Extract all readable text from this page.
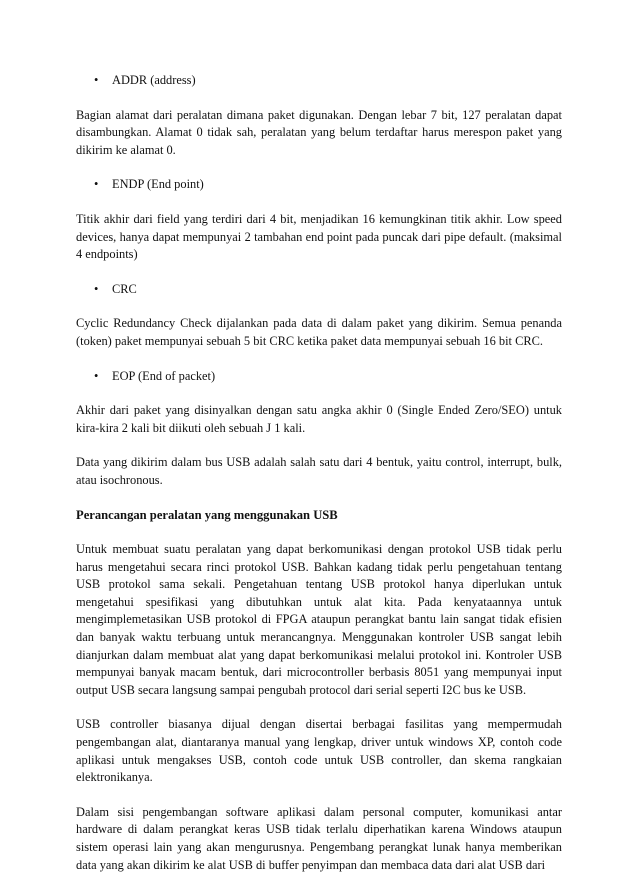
• ADDR (address)

Bagian alamat dari peralatan dimana paket digunakan. Dengan lebar 7 bit, 127 peralatan dapat disambungkan. Alamat 0 tidak sah, peralatan yang belum terdaftar harus merespon paket yang dikirim ke alamat 0.

• ENDP (End point)

Titik akhir dari field yang terdiri dari 4 bit, menjadikan 16 kemungkinan titik akhir. Low speed devices, hanya dapat mempunyai 2 tambahan end point pada puncak dari pipe default. (maksimal 4 endpoints)

• CRC

Cyclic Redundancy Check dijalankan pada data di dalam paket yang dikirim. Semua penanda (token) paket mempunyai sebuah 5 bit CRC ketika paket data mempunyai sebuah 16 bit CRC.

• EOP (End of packet)

Akhir dari paket yang disinyalkan dengan satu angka akhir 0 (Single Ended Zero/SEO) untuk kira-kira 2 kali bit diikuti oleh sebuah J 1 kali.

Data yang dikirim dalam bus USB adalah salah satu dari 4 bentuk, yaitu control, interrupt, bulk, atau isochronous.

Perancangan peralatan yang menggunakan USB

Untuk membuat suatu peralatan yang dapat berkomunikasi dengan protokol USB tidak perlu harus mengetahui secara rinci protokol USB. Bahkan kadang tidak perlu pengetahuan tentang USB protokol sama sekali. Pengetahuan tentang USB protokol hanya diperlukan untuk mengetahui spesifikasi yang dibutuhkan untuk alat kita. Pada kenyataannya untuk mengimplemetasikan USB protokol di FPGA ataupun perangkat bantu lain sangat tidak efisien dan banyak waktu terbuang untuk merancangnya. Menggunakan kontroler USB sangat lebih dianjurkan dalam membuat alat yang dapat berkomunikasi melalui protokol ini. Kontroler USB mempunyai banyak macam bentuk, dari microcontroller berbasis 8051 yang mempunyai input output USB secara langsung sampai pengubah protocol dari serial seperti I2C bus ke USB.

USB controller biasanya dijual dengan disertai berbagai fasilitas yang mempermudah pengembangan alat, diantaranya manual yang lengkap, driver untuk windows XP, contoh code aplikasi untuk mengakses USB, contoh code untuk USB controller, dan skema rangkaian elektronikanya.

Dalam sisi pengembangan software aplikasi dalam personal computer, komunikasi antar hardware di dalam perangkat keras USB tidak terlalu diperhatikan karena Windows ataupun sistem operasi lain yang akan mengurusnya. Pengembang perangkat lunak hanya memberikan data yang akan dikirim ke alat USB di buffer penyimpan dan membaca data dari alat USB dari
